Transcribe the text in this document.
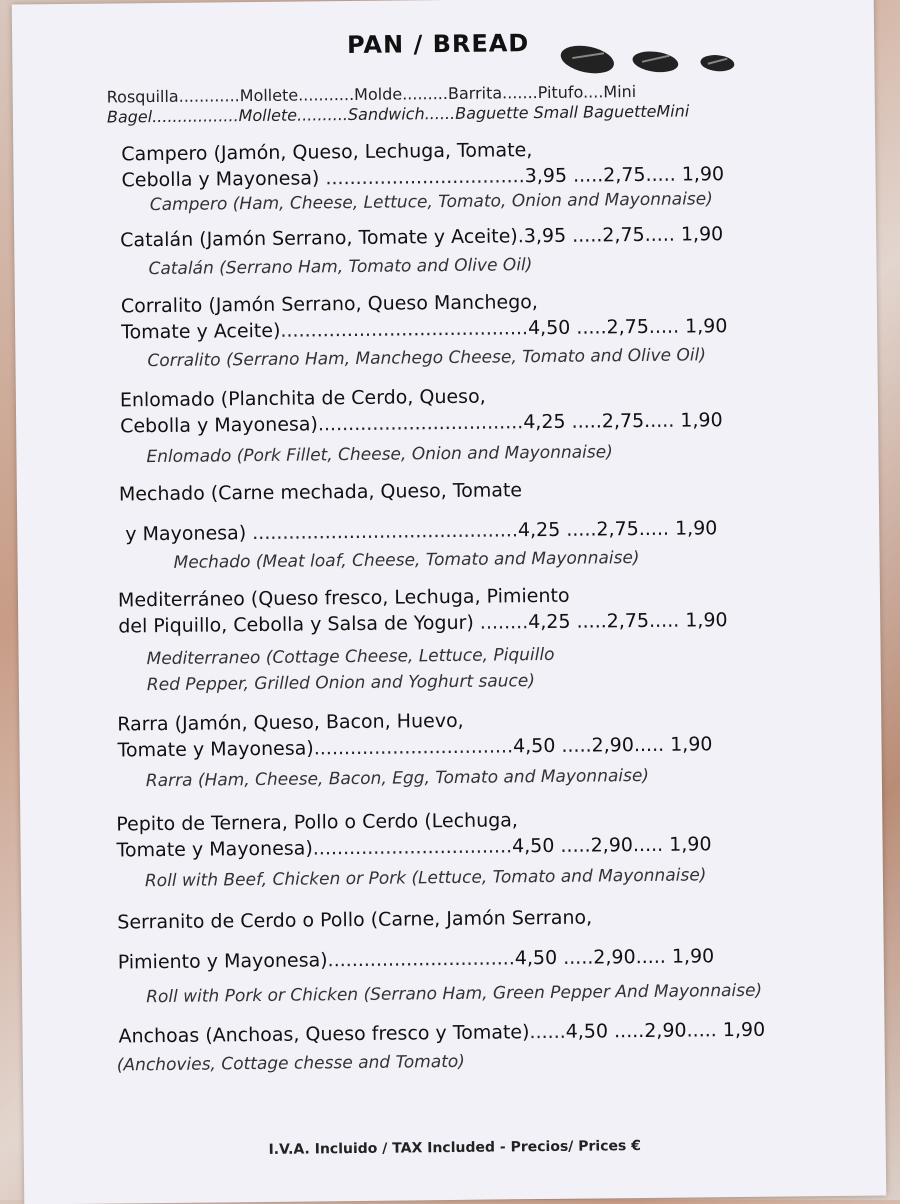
PAN / BREAD
Rosquilla............Mollete...........Molde.........Barrita.......Pitufo....Mini
Bagel.................Mollete..........Sandwich......Baguette Small BaguetteMini
Campero (Jamón, Queso, Lechuga, Tomate,
Cebolla y Mayonesa) .................................3,95 .....2,75..... 1,90
Campero (Ham, Cheese, Lettuce, Tomato, Onion and Mayonnaise)
Catalán (Jamón Serrano, Tomate y Aceite).3,95 .....2,75..... 1,90
Catalán (Serrano Ham, Tomato and Olive Oil)
Corralito (Jamón Serrano, Queso Manchego,
Tomate y Aceite).........................................4,50 .....2,75..... 1,90
Corralito (Serrano Ham, Manchego Cheese, Tomato and Olive Oil)
Enlomado (Planchita de Cerdo, Queso,
Cebolla y Mayonesa)..................................4,25 .....2,75..... 1,90
Enlomado (Pork Fillet, Cheese, Onion and Mayonnaise)
Mechado (Carne mechada, Queso, Tomate
y Mayonesa) ............................................4,25 .....2,75..... 1,90
Mechado (Meat loaf, Cheese, Tomato and Mayonnaise)
Mediterráneo (Queso fresco, Lechuga, Pimiento
del Piquillo, Cebolla y Salsa de Yogur) ........4,25 .....2,75..... 1,90
Mediterraneo (Cottage Cheese, Lettuce, Piquillo
Red Pepper, Grilled Onion and Yoghurt sauce)
Rarra (Jamón, Queso, Bacon, Huevo,
Tomate y Mayonesa).................................4,50 .....2,90..... 1,90
Rarra (Ham, Cheese, Bacon, Egg, Tomato and Mayonnaise)
Pepito de Ternera, Pollo o Cerdo (Lechuga,
Tomate y Mayonesa).................................4,50 .....2,90..... 1,90
Roll with Beef, Chicken or Pork (Lettuce, Tomato and Mayonnaise)
Serranito de Cerdo o Pollo (Carne, Jamón Serrano,
Pimiento y Mayonesa)...............................4,50 .....2,90..... 1,90
Roll with Pork or Chicken (Serrano Ham, Green Pepper And Mayonnaise)
Anchoas (Anchoas, Queso fresco y Tomate)......4,50 .....2,90..... 1,90
(Anchovies, Cottage chesse and Tomato)
I.V.A. Incluido / TAX Included - Precios/ Prices €
